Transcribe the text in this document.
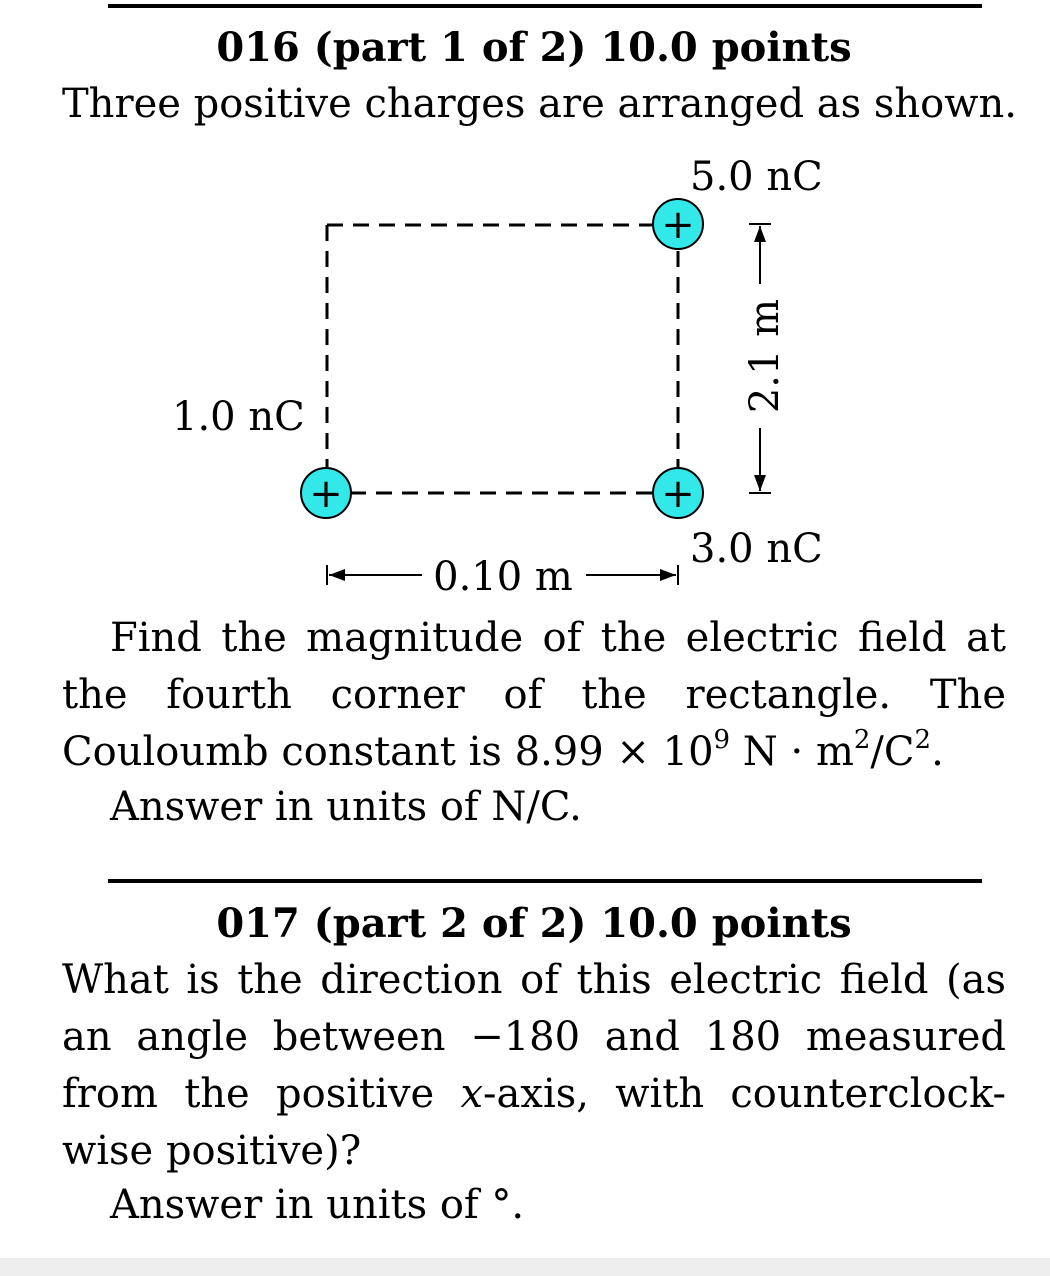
016 (part 1 of 2) 10.0 points
Three positive charges are arranged as shown.
+
+	+
5.0 nC
1.0 nC
3.0 nC
2.1 m
0.10 m
Find the magnitude of the electric field at the fourth corner of the rectangle. The Couloumb constant is $8.99 \times 10^9$ $N \cdot m^2/C^2$.
Answer in units of N/C.
017 (part 2 of 2) 10.0 points
What is the direction of this electric field (as an angle between −180 and 180 measured from the positive x-axis, with counterclock-wise positive)?
Answer in units of °.
